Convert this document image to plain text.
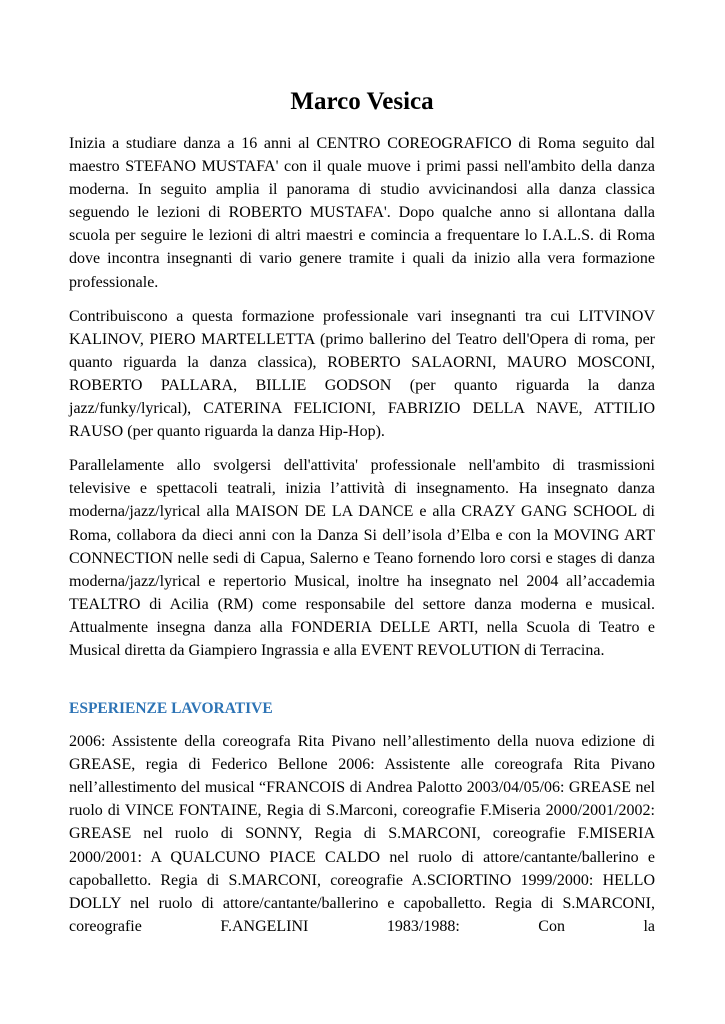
Marco Vesica

Inizia a studiare danza a 16 anni al CENTRO COREOGRAFICO di Roma seguito dal maestro STEFANO MUSTAFA' con il quale muove i primi passi nell'ambito della danza moderna. In seguito amplia il panorama di studio avvicinandosi alla danza classica seguendo le lezioni di ROBERTO MUSTAFA'. Dopo qualche anno si allontana dalla scuola per seguire le lezioni di altri maestri e comincia a frequentare lo I.A.L.S. di Roma dove incontra insegnanti di vario genere tramite i quali da inizio alla vera formazione professionale.

Contribuiscono a questa formazione professionale vari insegnanti tra cui LITVINOV KALINOV, PIERO MARTELLETTA (primo ballerino del Teatro dell'Opera di roma, per quanto riguarda la danza classica), ROBERTO SALAORNI, MAURO MOSCONI, ROBERTO PALLARA, BILLIE GODSON (per quanto riguarda la danza jazz/funky/lyrical), CATERINA FELICIONI, FABRIZIO DELLA NAVE, ATTILIO RAUSO (per quanto riguarda la danza Hip-Hop).

Parallelamente allo svolgersi dell'attivita' professionale nell'ambito di trasmissioni televisive e spettacoli teatrali, inizia l’attività di insegnamento. Ha insegnato danza moderna/jazz/lyrical alla MAISON DE LA DANCE e alla CRAZY GANG SCHOOL di Roma, collabora da dieci anni con la Danza Si dell’isola d’Elba e con la MOVING ART CONNECTION nelle sedi di Capua, Salerno e Teano fornendo loro corsi e stages di danza moderna/jazz/lyrical e repertorio Musical, inoltre ha insegnato nel 2004 all’accademia TEALTRO di Acilia (RM) come responsabile del settore danza moderna e musical. Attualmente insegna danza alla FONDERIA DELLE ARTI, nella Scuola di Teatro e Musical diretta da Giampiero Ingrassia e alla EVENT REVOLUTION di Terracina.

ESPERIENZE LAVORATIVE

2006: Assistente della coreografa Rita Pivano nell’allestimento della nuova edizione di GREASE, regia di Federico Bellone 2006: Assistente alle coreografa Rita Pivano nell’allestimento del musical “FRANCOIS di Andrea Palotto 2003/04/05/06: GREASE nel ruolo di VINCE FONTAINE, Regia di S.Marconi, coreografie F.Miseria 2000/2001/2002: GREASE nel ruolo di SONNY, Regia di S.MARCONI, coreografie F.MISERIA 2000/2001: A QUALCUNO PIACE CALDO nel ruolo di attore/cantante/ballerino e capoballetto. Regia di S.MARCONI, coreografie A.SCIORTINO 1999/2000: HELLO DOLLY nel ruolo di attore/cantante/ballerino e capoballetto. Regia di S.MARCONI, coreografie F.ANGELINI 1983/1988: Con la
